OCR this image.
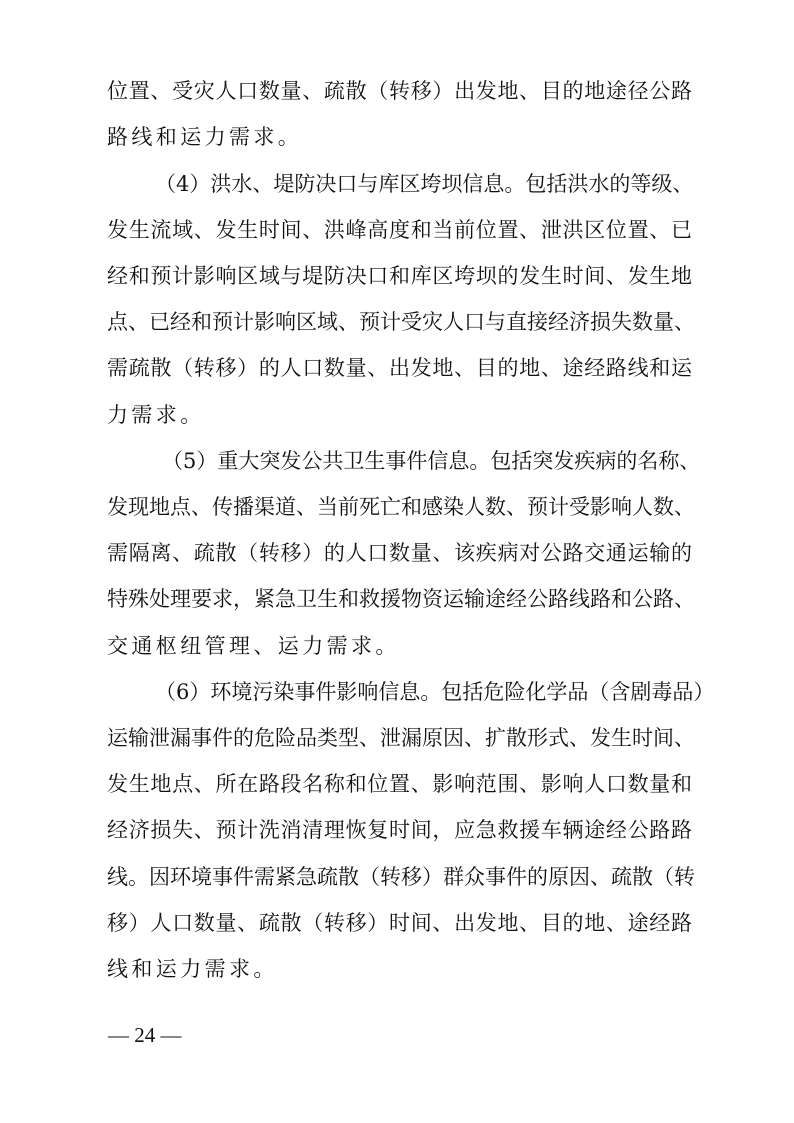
位置、受灾人口数量、疏散（转移）出发地、目的地途径公路
路线和运力需求。
（4）洪水、堤防决口与库区垮坝信息。包括洪水的等级、
发生流域、发生时间、洪峰高度和当前位置、泄洪区位置、已
经和预计影响区域与堤防决口和库区垮坝的发生时间、发生地
点、已经和预计影响区域、预计受灾人口与直接经济损失数量、
需疏散（转移）的人口数量、出发地、目的地、途经路线和运
力需求。
（5）重大突发公共卫生事件信息。包括突发疾病的名称、
发现地点、传播渠道、当前死亡和感染人数、预计受影响人数、
需隔离、疏散（转移）的人口数量、该疾病对公路交通运输的
特殊处理要求，紧急卫生和救援物资运输途经公路线路和公路、
交通枢纽管理、运力需求。
（6）环境污染事件影响信息。包括危险化学品（含剧毒品）
运输泄漏事件的危险品类型、泄漏原因、扩散形式、发生时间、
发生地点、所在路段名称和位置、影响范围、影响人口数量和
经济损失、预计洗消清理恢复时间，应急救援车辆途经公路路
线。因环境事件需紧急疏散（转移）群众事件的原因、疏散（转
移）人口数量、疏散（转移）时间、出发地、目的地、途经路
线和运力需求。
— 24 —
